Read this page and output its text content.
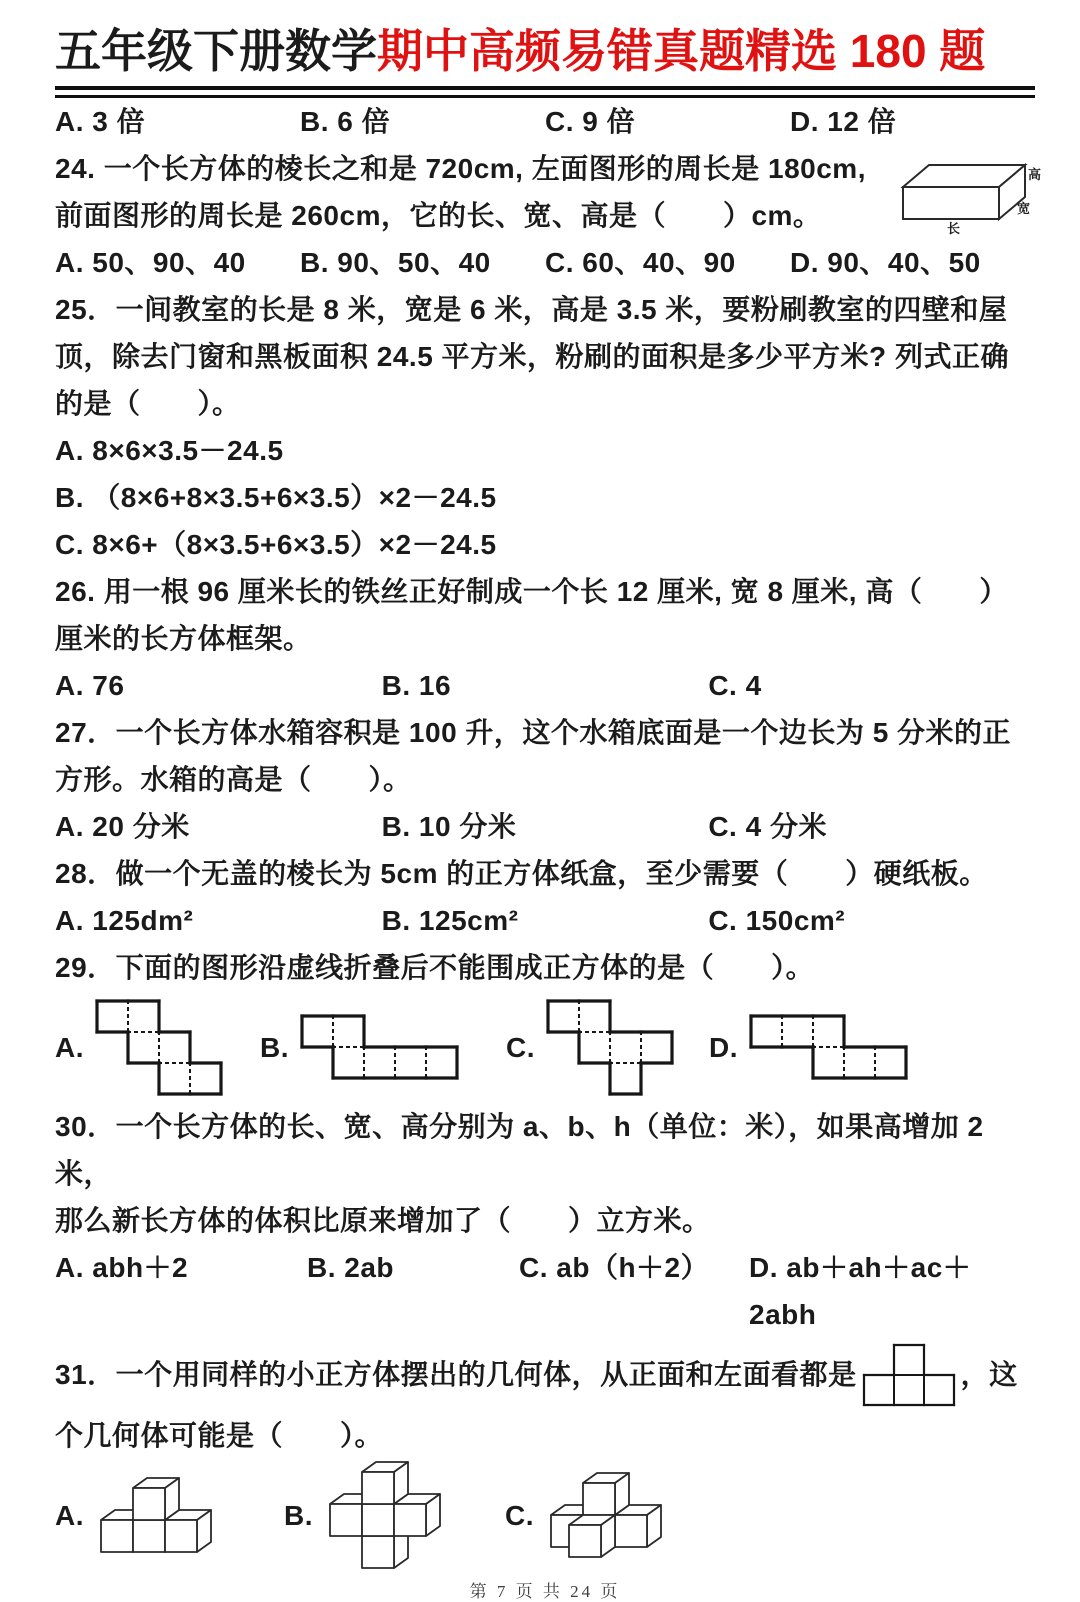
五年级下册数学期中高频易错真题精选 180 题
A. 3 倍	B. 6 倍	C. 9 倍	D. 12 倍
24. 一个长方体的棱长之和是 720cm, 左面图形的周长是 180cm,
前面图形的周长是 260cm，它的长、宽、高是（　　）cm。
A. 50、90、40	B. 90、50、40	C. 60、40、90	D. 90、40、50
长
高
宽
25．一间教室的长是 8 米，宽是 6 米，高是 3.5 米，要粉刷教室的四壁和屋
顶，除去门窗和黑板面积 24.5 平方米，粉刷的面积是多少平方米? 列式正确
的是（　　）。
A. 8×6×3.5－24.5
B. （8×6+8×3.5+6×3.5）×2－24.5
C. 8×6+（8×3.5+6×3.5）×2－24.5
26. 用一根 96 厘米长的铁丝正好制成一个长 12 厘米, 宽 8 厘米, 高（　　）
厘米的长方体框架。
A. 76	B. 16	C. 4
27．一个长方体水箱容积是 100 升，这个水箱底面是一个边长为 5 分米的正
方形。水箱的高是（　　）。
A. 20 分米	B. 10 分米	C. 4 分米
28．做一个无盖的棱长为 5cm 的正方体纸盒，至少需要（　　）硬纸板。
A. 125dm²	B. 125cm²	C. 150cm²
29．下面的图形沿虚线折叠后不能围成正方体的是（　　）。
A.	B.	C.	D.
30．一个长方体的长、宽、高分别为 a、b、h（单位：米），如果高增加 2 米，
那么新长方体的体积比原来增加了（　　）立方米。
A. abh＋2	B. 2ab	C. ab（h＋2）	D. ab＋ah＋ac＋2abh
31．一个用同样的小正方体摆出的几何体，从正面和左面看都是	，这
个几何体可能是（　　）。
A.	B.	C.
第 7 页 共 24 页
